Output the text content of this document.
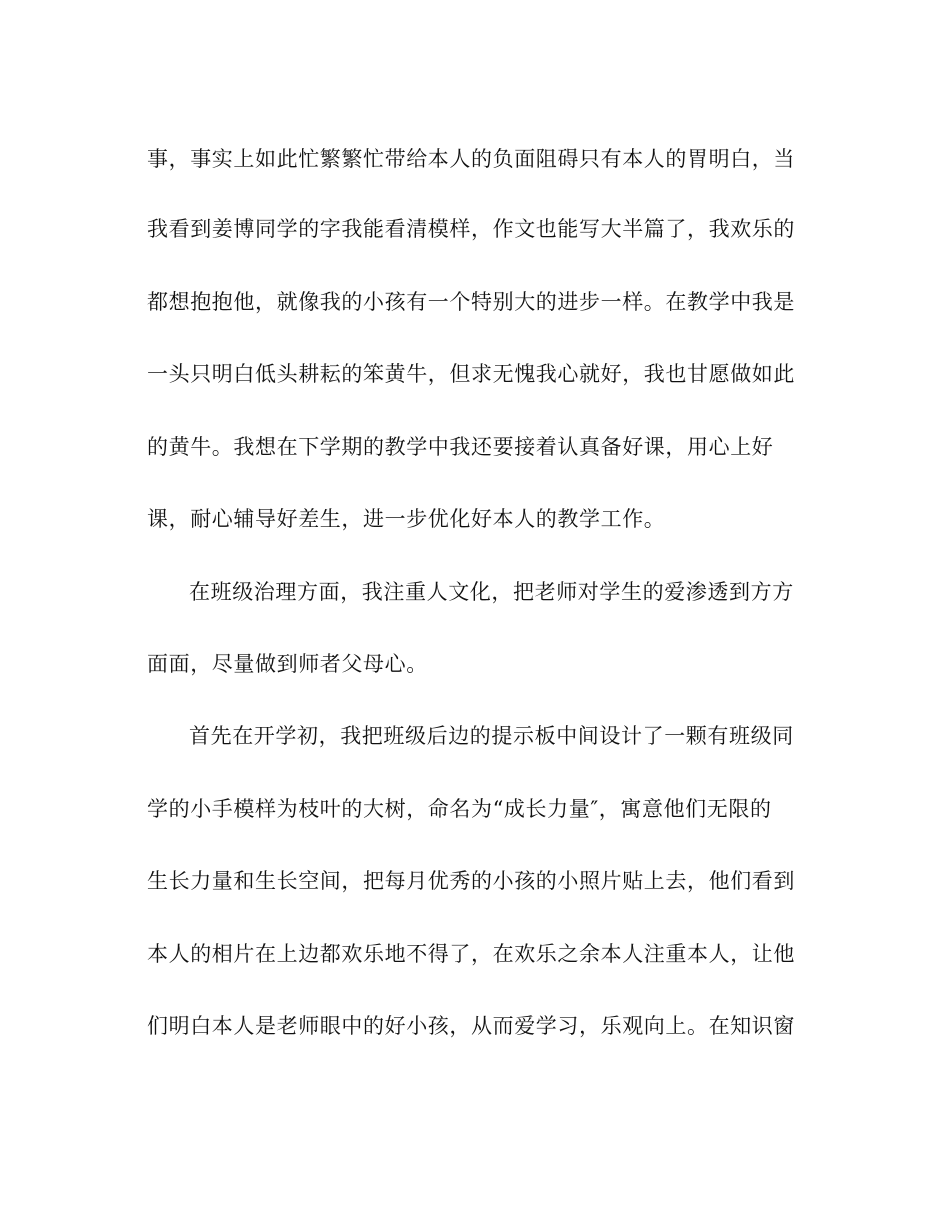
事，事实上如此忙繁繁忙带给本人的负面阻碍只有本人的胃明白，当
我看到姜博同学的字我能看清模样，作文也能写大半篇了，我欢乐的
都想抱抱他，就像我的小孩有一个特别大的进步一样。在教学中我是
一头只明白低头耕耘的笨黄牛，但求无愧我心就好，我也甘愿做如此
的黄牛。我想在下学期的教学中我还要接着认真备好课，用心上好
课，耐心辅导好差生，进一步优化好本人的教学工作。
在班级治理方面，我注重人文化，把老师对学生的爱渗透到方方
面面，尽量做到师者父母心。
首先在开学初，我把班级后边的提示板中间设计了一颗有班级同
学的小手模样为枝叶的大树，命名为“成长力量″，寓意他们无限的
生长力量和生长空间，把每月优秀的小孩的小照片贴上去，他们看到
本人的相片在上边都欢乐地不得了，在欢乐之余本人注重本人，让他
们明白本人是老师眼中的好小孩，从而爱学习，乐观向上。在知识窗
